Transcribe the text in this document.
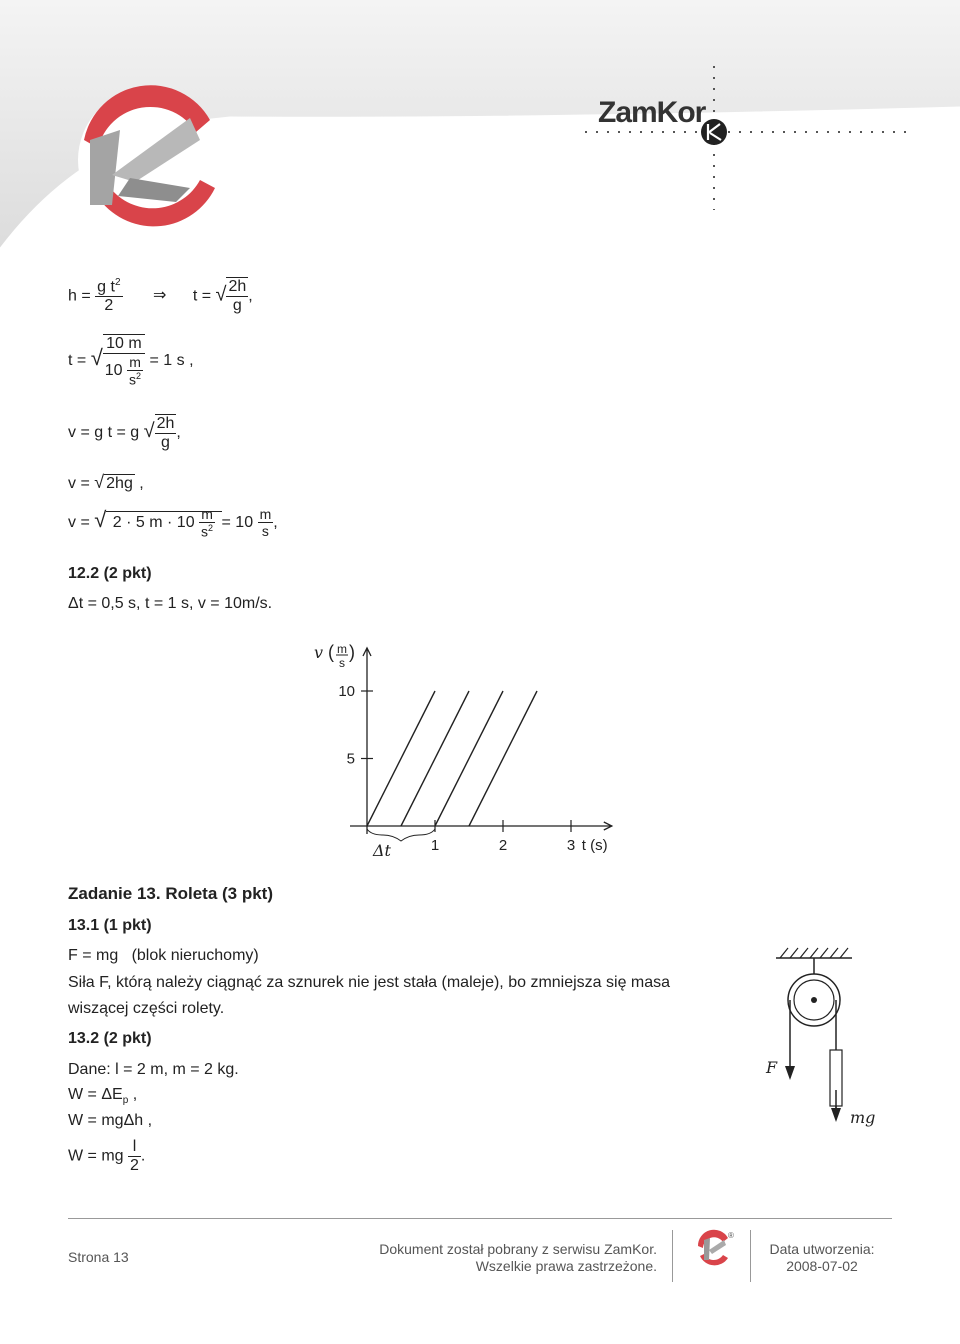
ZamKor
$h = \frac{g t^2}{2}$ ⇒ t = √ $\frac{2h}{g}$ ,
t = √ $\frac{10 m}{10 \frac{m}{s^2}} = 1$ s ,
v = g t = g √ $\frac{2h}{g}$ ,
v = √ 2hg ,
v = √ 2 · 5 $m \cdot 10 \frac{m}{s^2} = 10 \frac{m}{s}$ ,
12.2 (2 pkt)
Δt = 0,5 s, t = 1 s, v = 10m/s.
10
5
1	2	3 t (s)
v ( m
s
)
Δt
Zadanie 13. Roleta (3 pkt)
13.1 (1 pkt)
F = mg (blok nieruchomy)
Siła F, którą należy ciągnąć za sznurek nie jest stała (maleje), bo zmniejsza się masa
wiszącej części rolety.
13.2 (2 pkt)
Dane: l = 2 m, m = 2 kg.
$W = \Delta E_p$ ,
W = mgΔh ,
W = mg $\frac{l}{2}$ .
F
mg
Strona 13	Dokument został pobrany z serwisu ZamKor.
Wszelkie prawa zastrzeżone.
®
Data utworzenia:
2008-07-02
